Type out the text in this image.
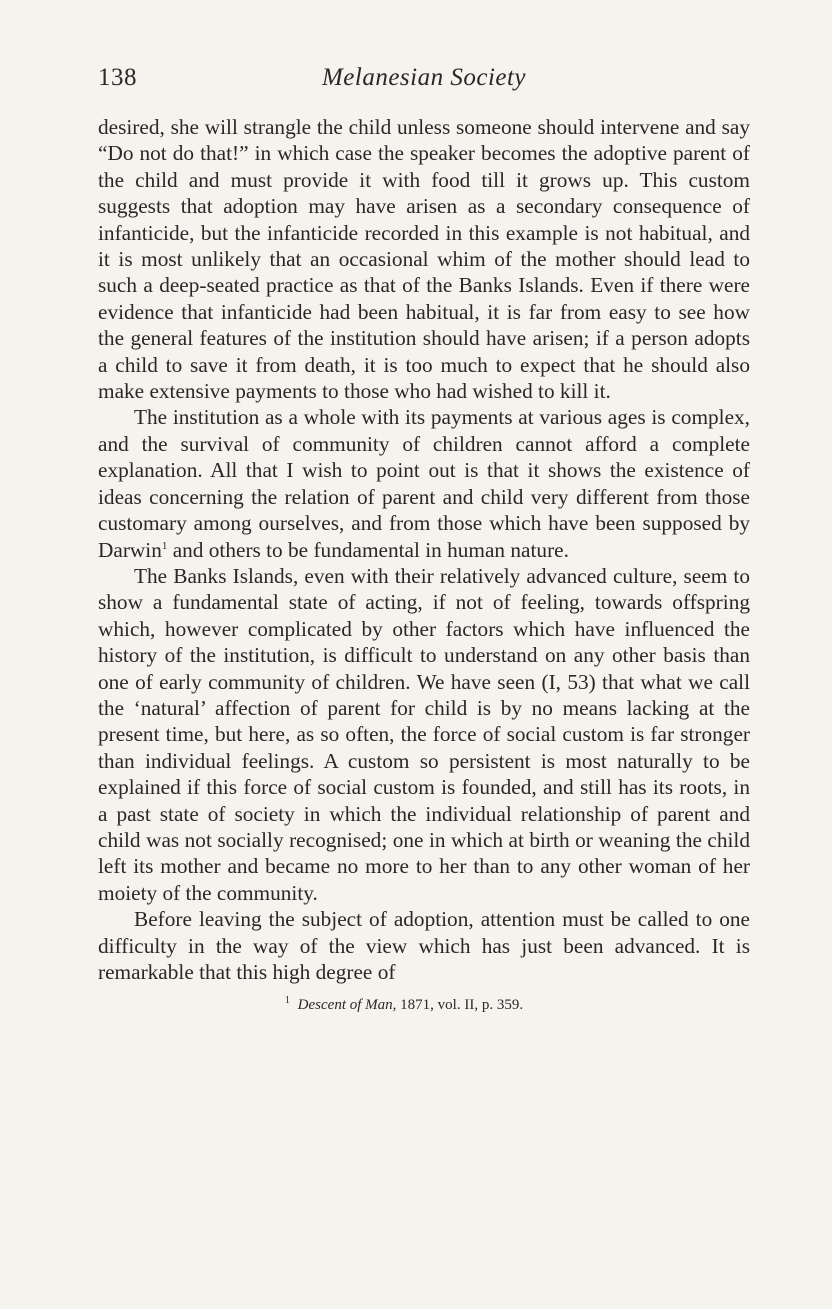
138	Melanesian Society

desired, she will strangle the child unless someone should intervene and say “Do not do that!” in which case the speaker becomes the adoptive parent of the child and must provide it with food till it grows up. This custom suggests that adoption may have arisen as a secondary consequence of infanticide, but the infanticide recorded in this example is not habitual, and it is most unlikely that an occasional whim of the mother should lead to such a deep-seated practice as that of the Banks Islands. Even if there were evidence that infanticide had been habitual, it is far from easy to see how the general features of the institution should have arisen; if a person adopts a child to save it from death, it is too much to expect that he should also make extensive payments to those who had wished to kill it.

The institution as a whole with its payments at various ages is complex, and the survival of community of children cannot afford a complete explanation. All that I wish to point out is that it shows the existence of ideas concerning the relation of parent and child very different from those customary among ourselves, and from those which have been supposed by Darwin$^1$ and others to be fundamental in human nature.

The Banks Islands, even with their relatively advanced culture, seem to show a fundamental state of acting, if not of feeling, towards offspring which, however complicated by other factors which have influenced the history of the institution, is difficult to understand on any other basis than one of early community of children. We have seen (I, 53) that what we call the ‘natural’ affection of parent for child is by no means lacking at the present time, but here, as so often, the force of social custom is far stronger than individual feelings. A custom so persistent is most naturally to be explained if this force of social custom is founded, and still has its roots, in a past state of society in which the individual relationship of parent and child was not socially recognised; one in which at birth or weaning the child left its mother and became no more to her than to any other woman of her moiety of the community.

Before leaving the subject of adoption, attention must be called to one difficulty in the way of the view which has just been advanced. It is remarkable that this high degree of

$^1$ Descent of Man, 1871, vol. II, p. 359.
